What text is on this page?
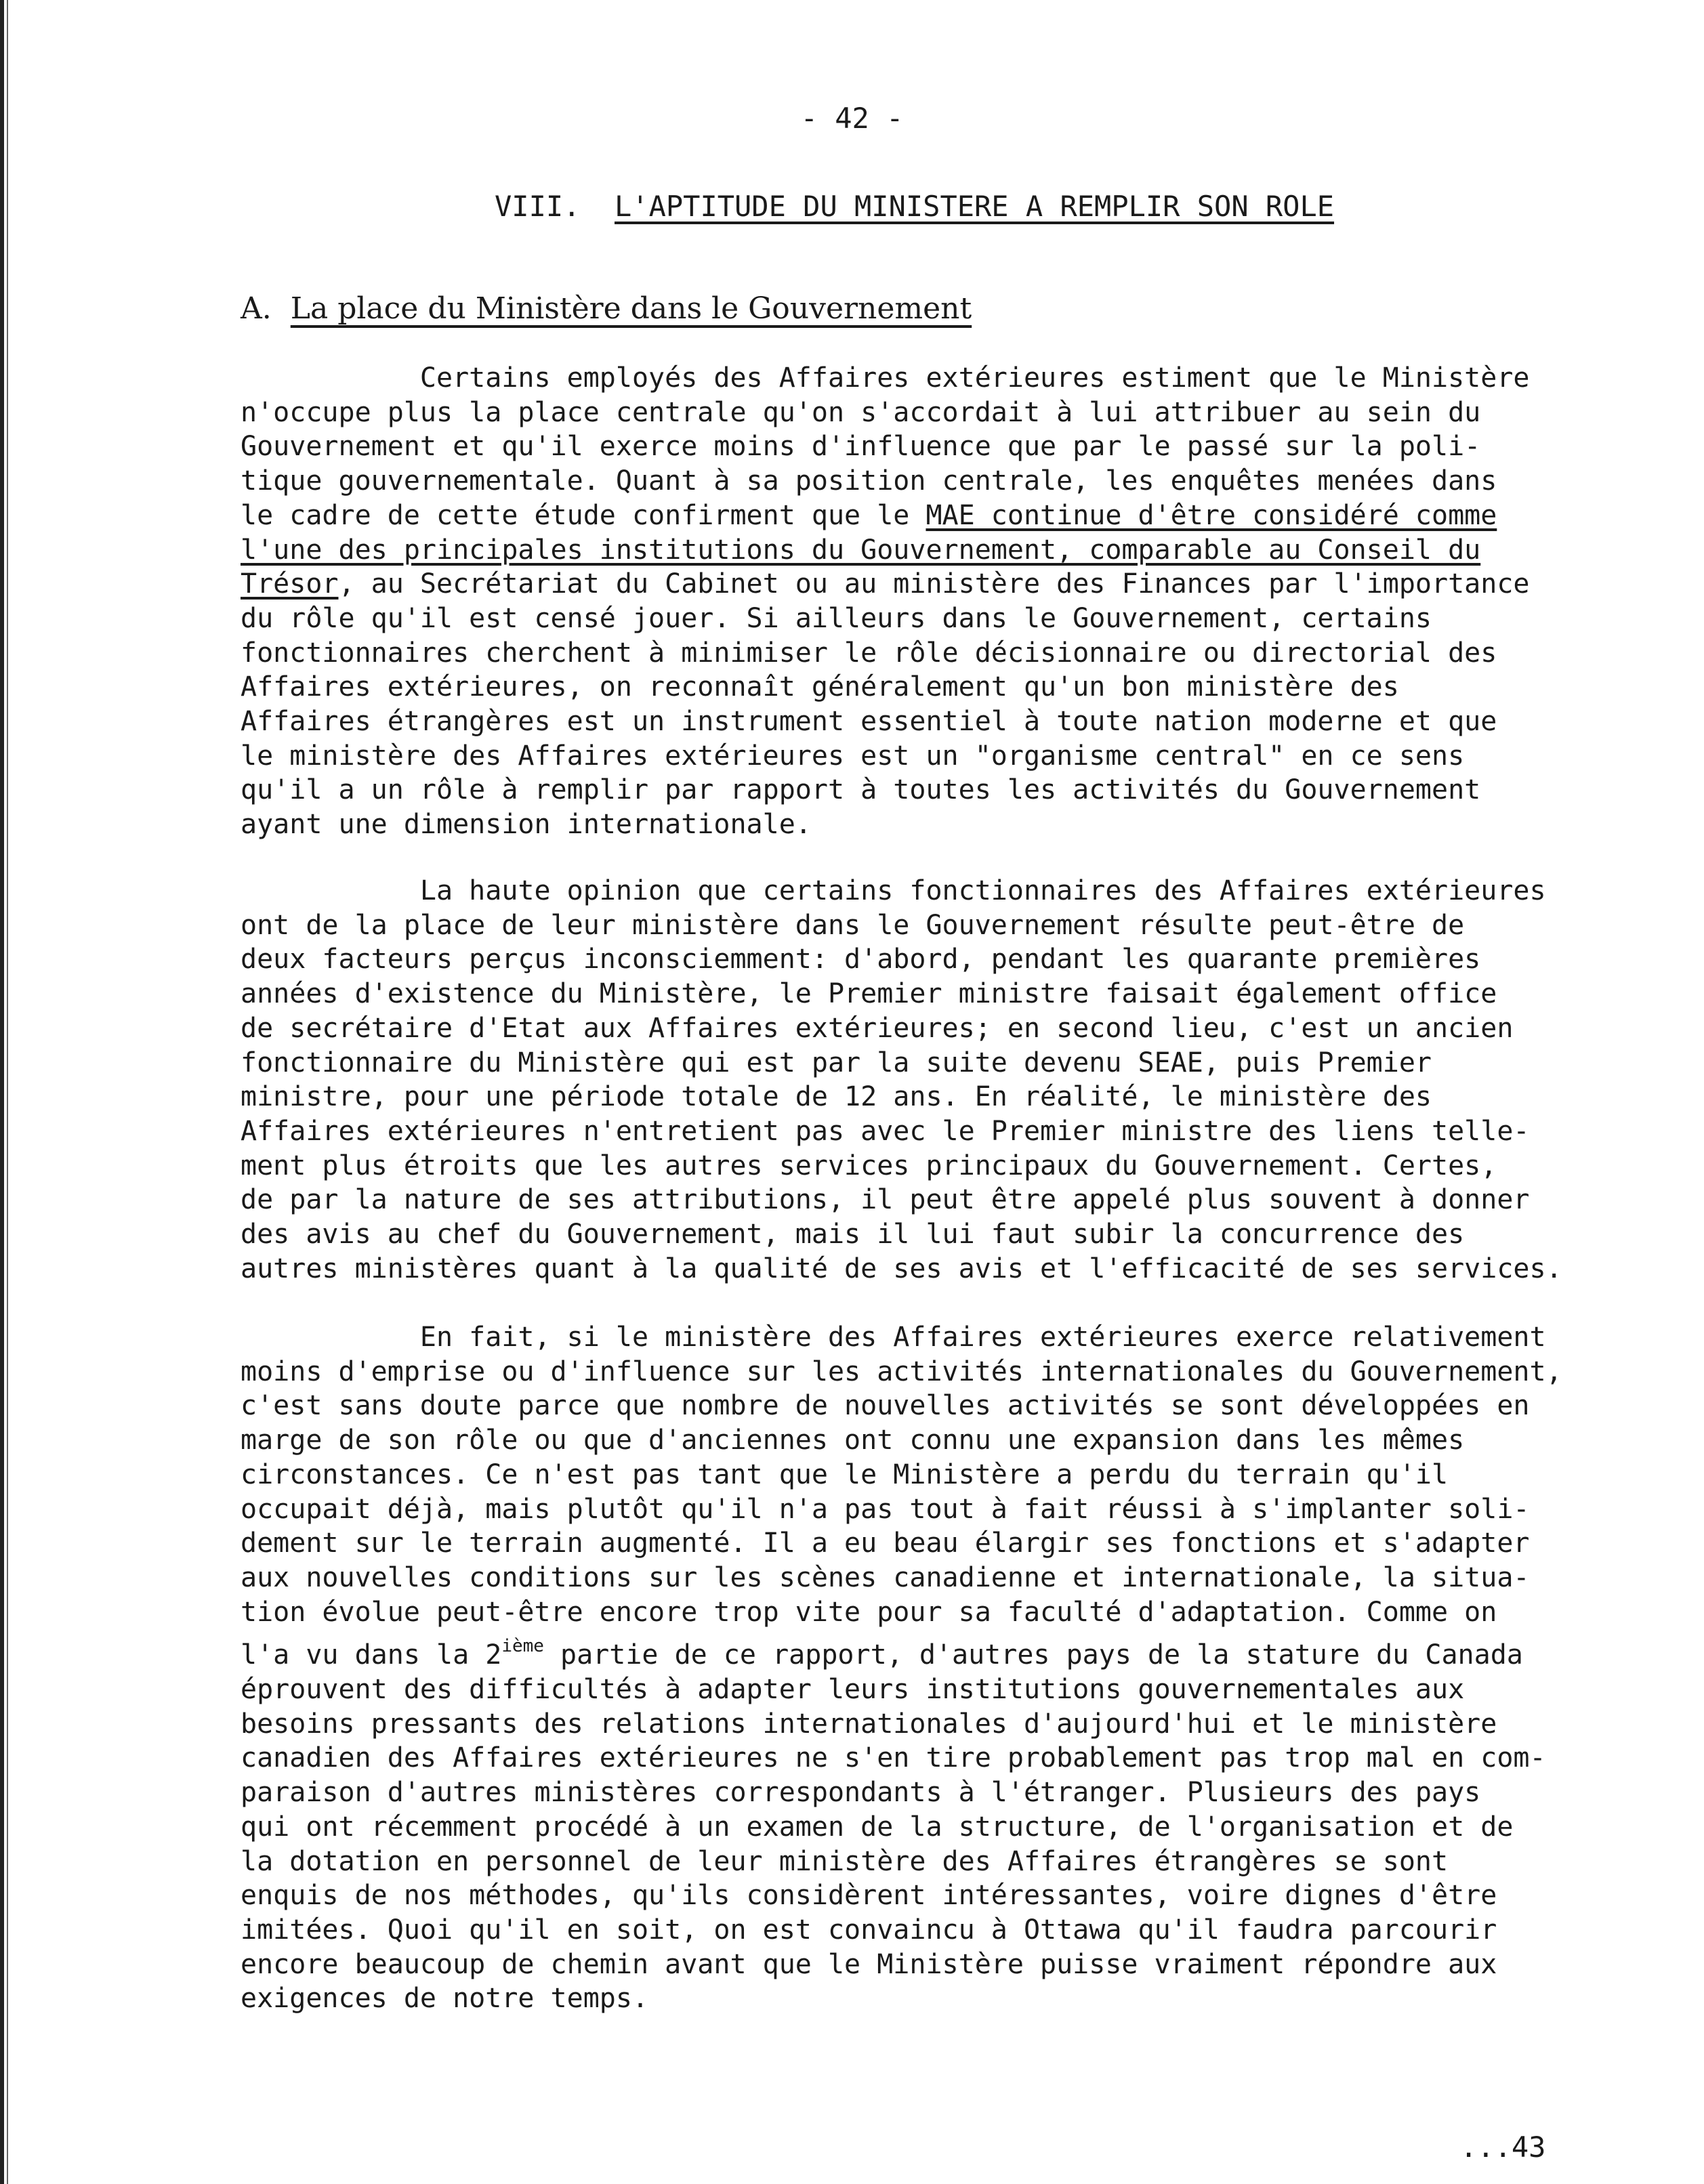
- 42 -
VIII. L'APTITUDE DU MINISTERE A REMPLIR SON ROLE
A. La place du Ministère dans le Gouvernement
Certains employés des Affaires extérieures estiment que le Ministère
n'occupe plus la place centrale qu'on s'accordait à lui attribuer au sein du
Gouvernement et qu'il exerce moins d'influence que par le passé sur la poli-
tique gouvernementale. Quant à sa position centrale, les enquêtes menées dans
le cadre de cette étude confirment que le MAE continue d'être considéré comme
l'une des principales institutions du Gouvernement, comparable au Conseil du
Trésor, au Secrétariat du Cabinet ou au ministère des Finances par l'importance
du rôle qu'il est censé jouer. Si ailleurs dans le Gouvernement, certains
fonctionnaires cherchent à minimiser le rôle décisionnaire ou directorial des
Affaires extérieures, on reconnaît généralement qu'un bon ministère des
Affaires étrangères est un instrument essentiel à toute nation moderne et que
le ministère des Affaires extérieures est un "organisme central" en ce sens
qu'il a un rôle à remplir par rapport à toutes les activités du Gouvernement
ayant une dimension internationale.
La haute opinion que certains fonctionnaires des Affaires extérieures
ont de la place de leur ministère dans le Gouvernement résulte peut-être de
deux facteurs perçus inconsciemment: d'abord, pendant les quarante premières
années d'existence du Ministère, le Premier ministre faisait également office
de secrétaire d'Etat aux Affaires extérieures; en second lieu, c'est un ancien
fonctionnaire du Ministère qui est par la suite devenu SEAE, puis Premier
ministre, pour une période totale de 12 ans. En réalité, le ministère des
Affaires extérieures n'entretient pas avec le Premier ministre des liens telle-
ment plus étroits que les autres services principaux du Gouvernement. Certes,
de par la nature de ses attributions, il peut être appelé plus souvent à donner
des avis au chef du Gouvernement, mais il lui faut subir la concurrence des
autres ministères quant à la qualité de ses avis et l'efficacité de ses services.
En fait, si le ministère des Affaires extérieures exerce relativement
moins d'emprise ou d'influence sur les activités internationales du Gouvernement,
c'est sans doute parce que nombre de nouvelles activités se sont développées en
marge de son rôle ou que d'anciennes ont connu une expansion dans les mêmes
circonstances. Ce n'est pas tant que le Ministère a perdu du terrain qu'il
occupait déjà, mais plutôt qu'il n'a pas tout à fait réussi à s'implanter soli-
dement sur le terrain augmenté. Il a eu beau élargir ses fonctions et s'adapter
aux nouvelles conditions sur les scènes canadienne et internationale, la situa-
tion évolue peut-être encore trop vite pour sa faculté d'adaptation. Comme on
l'a vu dans la 2ième partie de ce rapport, d'autres pays de la stature du Canada
éprouvent des difficultés à adapter leurs institutions gouvernementales aux
besoins pressants des relations internationales d'aujourd'hui et le ministère
canadien des Affaires extérieures ne s'en tire probablement pas trop mal en com-
paraison d'autres ministères correspondants à l'étranger. Plusieurs des pays
qui ont récemment procédé à un examen de la structure, de l'organisation et de
la dotation en personnel de leur ministère des Affaires étrangères se sont
enquis de nos méthodes, qu'ils considèrent intéressantes, voire dignes d'être
imitées. Quoi qu'il en soit, on est convaincu à Ottawa qu'il faudra parcourir
encore beaucoup de chemin avant que le Ministère puisse vraiment répondre aux
exigences de notre temps.
...43
